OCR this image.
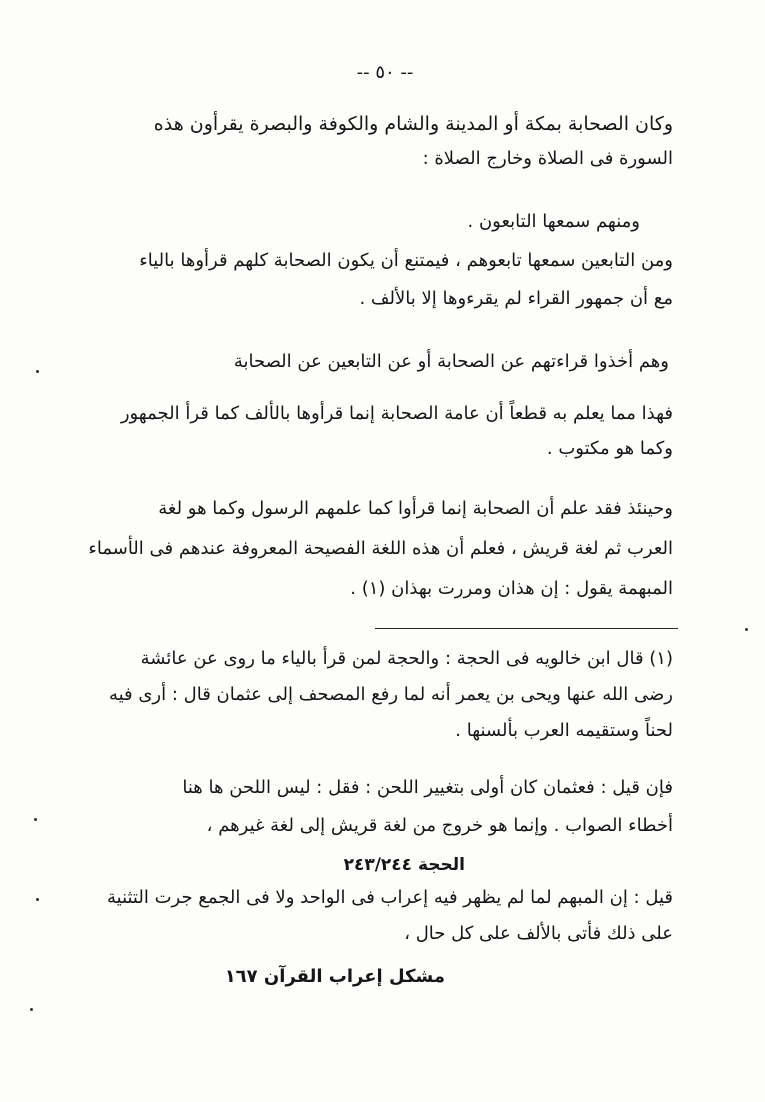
-- ٥٠ --
وكان الصحابة بمكة أو المدينة والشام والكوفة والبصرة يقرأون هذه
السورة فى الصلاة وخارج الصلاة :
ومنهم سمعها التابعون .
ومن التابعين سمعها تابعوهم ، فيمتنع أن يكون الصحابة كلهم قرأوها بالياء
مع أن جمهور القراء لم يقرءوها إلا بالألف .
وهم أخذوا قراءتهم عن الصحابة أو عن التابعين عن الصحابة
فهذا مما يعلم به قطعاً أن عامة الصحابة إنما قرأوها بالألف كما قرأ الجمهور
وكما هو مكتوب .
وحينئذ فقد علم أن الصحابة إنما قرأوا كما علمهم الرسول وكما هو لغة
العرب ثم لغة قريش ، فعلم أن هذه اللغة الفصيحة المعروفة عندهم فى الأسماء
المبهمة يقول : إن هذان ومررت بهذان (١) .
(١) قال ابن خالويه فى الحجة : والحجة لمن قرأ بالياء ما روى عن عائشة
رضى الله عنها ويحى بن يعمر أنه لما رفع المصحف إلى عثمان قال : أرى فيه
لحناً وستقيمه العرب بألسنها .
فإن قيل : فعثمان كان أولى بتغيير اللحن : فقل : ليس اللحن ها هنا
أخطاء الصواب . وإنما هو خروج من لغة قريش إلى لغة غيرهم ،
الحجة ٢٤٣/٢٤٤
قيل : إن المبهم لما لم يظهر فيه إعراب فى الواحد ولا فى الجمع جرت التثنية
على ذلك فأتى بالألف على كل حال ،
مشكل إعراب القرآن ١٦٧
